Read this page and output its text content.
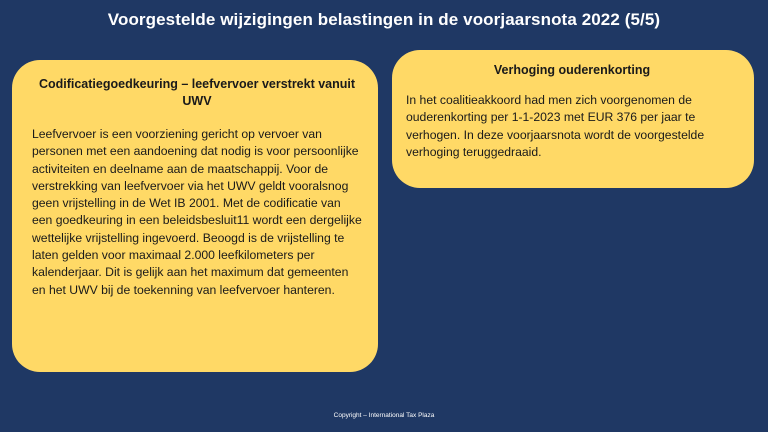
Voorgestelde wijzigingen belastingen in de voorjaarsnota 2022 (5/5)

Codificatiegoedkeuring – leefvervoer verstrekt vanuit UWV

Leefvervoer is een voorziening gericht op vervoer van personen met een aandoening dat nodig is voor persoonlijke activiteiten en deelname aan de maatschappij. Voor de verstrekking van leefvervoer via het UWV geldt vooralsnog geen vrijstelling in de Wet IB 2001. Met de codificatie van een goedkeuring in een beleidsbesluit11 wordt een dergelijke wettelijke vrijstelling ingevoerd. Beoogd is de vrijstelling te laten gelden voor maximaal 2.000 leefkilometers per kalenderjaar. Dit is gelijk aan het maximum dat gemeenten en het UWV bij de toekenning van leefvervoer hanteren.

Verhoging ouderenkorting

In het coalitieakkoord had men zich voorgenomen de ouderenkorting per 1-1-2023 met EUR 376 per jaar te verhogen. In deze voorjaarsnota wordt de voorgestelde verhoging teruggedraaid.

Copyright – International Tax Plaza
